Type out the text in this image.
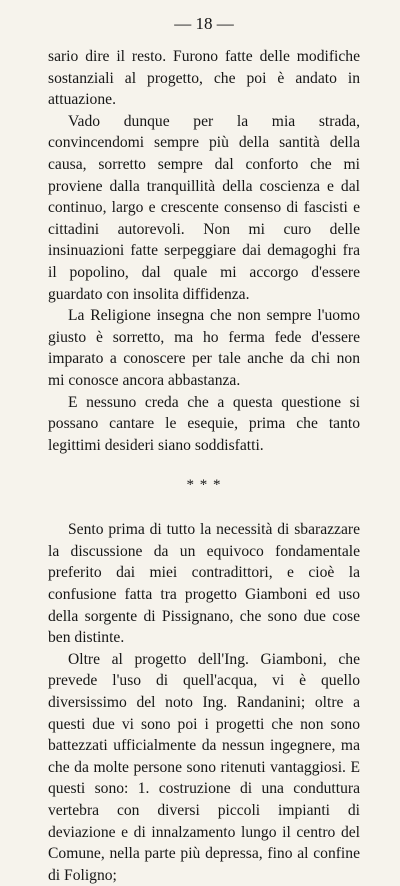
— 18 —

sario dire il resto. Furono fatte delle modifiche sostanziali al progetto, che poi è andato in attuazione.

Vado dunque per la mia strada, convincendomi sempre più della santità della causa, sorretto sempre dal conforto che mi proviene dalla tranquillità della coscienza e dal continuo, largo e crescente consenso di fascisti e cittadini autorevoli. Non mi curo delle insinuazioni fatte serpeggiare dai demagoghi fra il popolino, dal quale mi accorgo d'essere guardato con insolita diffidenza.

La Religione insegna che non sempre l'uomo giusto è sorretto, ma ho ferma fede d'essere imparato a conoscere per tale anche da chi non mi conosce ancora abbastanza.

E nessuno creda che a questa questione si possano cantare le esequie, prima che tanto legittimi desideri siano soddisfatti.

* * *

Sento prima di tutto la necessità di sbarazzare la discussione da un equivoco fondamentale preferito dai miei contradittori, e cioè la confusione fatta tra progetto Giamboni ed uso della sorgente di Pissignano, che sono due cose ben distinte.

Oltre al progetto dell'Ing. Giamboni, che prevede l'uso di quell'acqua, vi è quello diversissimo del noto Ing. Randanini; oltre a questi due vi sono poi i progetti che non sono battezzati ufficialmente da nessun ingegnere, ma che da molte persone sono ritenuti vantaggiosi. E questi sono: 1. costruzione di una conduttura vertebra con diversi piccoli impianti di deviazione e di innalzamento lungo il centro del Comune, nella parte più depressa, fino al confine di Foligno;
